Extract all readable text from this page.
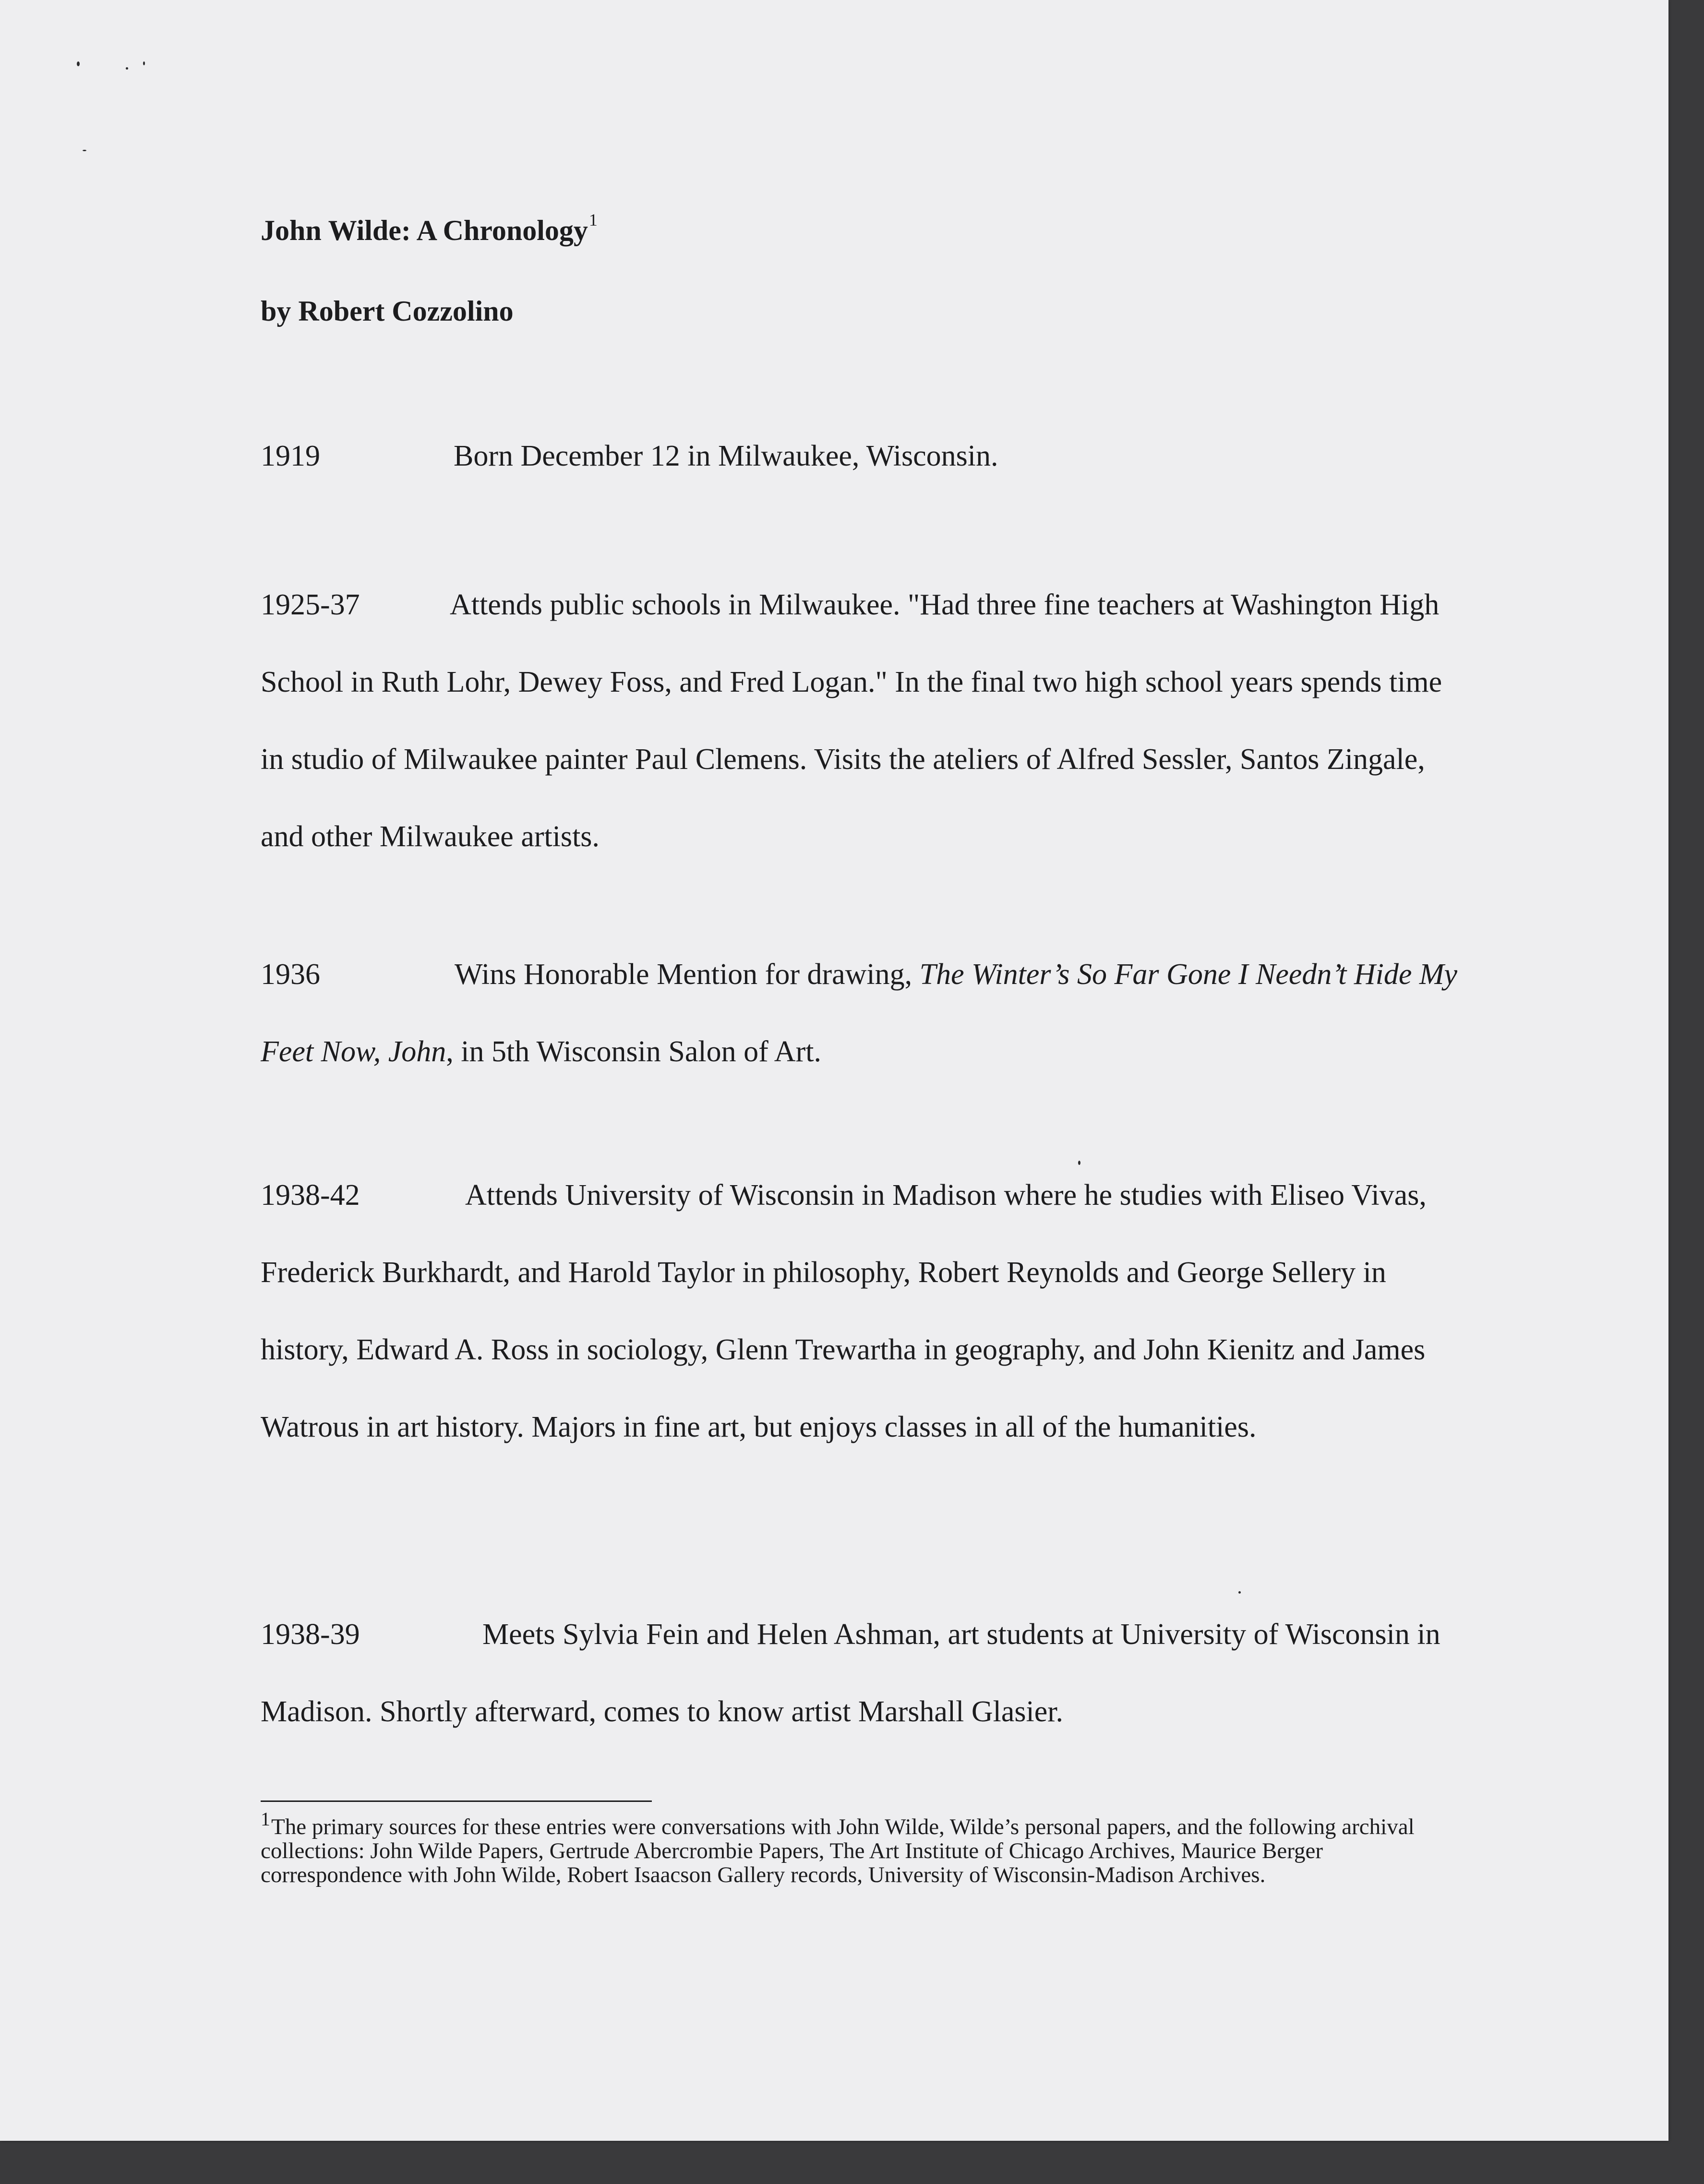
John Wilde: A Chronology$^1$
by Robert Cozzolino
1919	Born December 12 in Milwaukee, Wisconsin.
1925-37	Attends public schools in Milwaukee. "Had three fine teachers at Washington High School in Ruth Lohr, Dewey Foss, and Fred Logan." In the final two high school years spends time in studio of Milwaukee painter Paul Clemens. Visits the ateliers of Alfred Sessler, Santos Zingale, and other Milwaukee artists.
1936	Wins Honorable Mention for drawing, The Winter’s So Far Gone I Needn’t Hide My Feet Now, John, in 5th Wisconsin Salon of Art.
1938-42	Attends University of Wisconsin in Madison where he studies with Eliseo Vivas, Frederick Burkhardt, and Harold Taylor in philosophy, Robert Reynolds and George Sellery in history, Edward A. Ross in sociology, Glenn Trewartha in geography, and John Kienitz and James Watrous in art history. Majors in fine art, but enjoys classes in all of the humanities.
1938-39	Meets Sylvia Fein and Helen Ashman, art students at University of Wisconsin in Madison. Shortly afterward, comes to know artist Marshall Glasier.
$^1$The primary sources for these entries were conversations with John Wilde, Wilde’s personal papers, and the following archival collections: John Wilde Papers, Gertrude Abercrombie Papers, The Art Institute of Chicago Archives, Maurice Berger correspondence with John Wilde, Robert Isaacson Gallery records, University of Wisconsin-Madison Archives.
